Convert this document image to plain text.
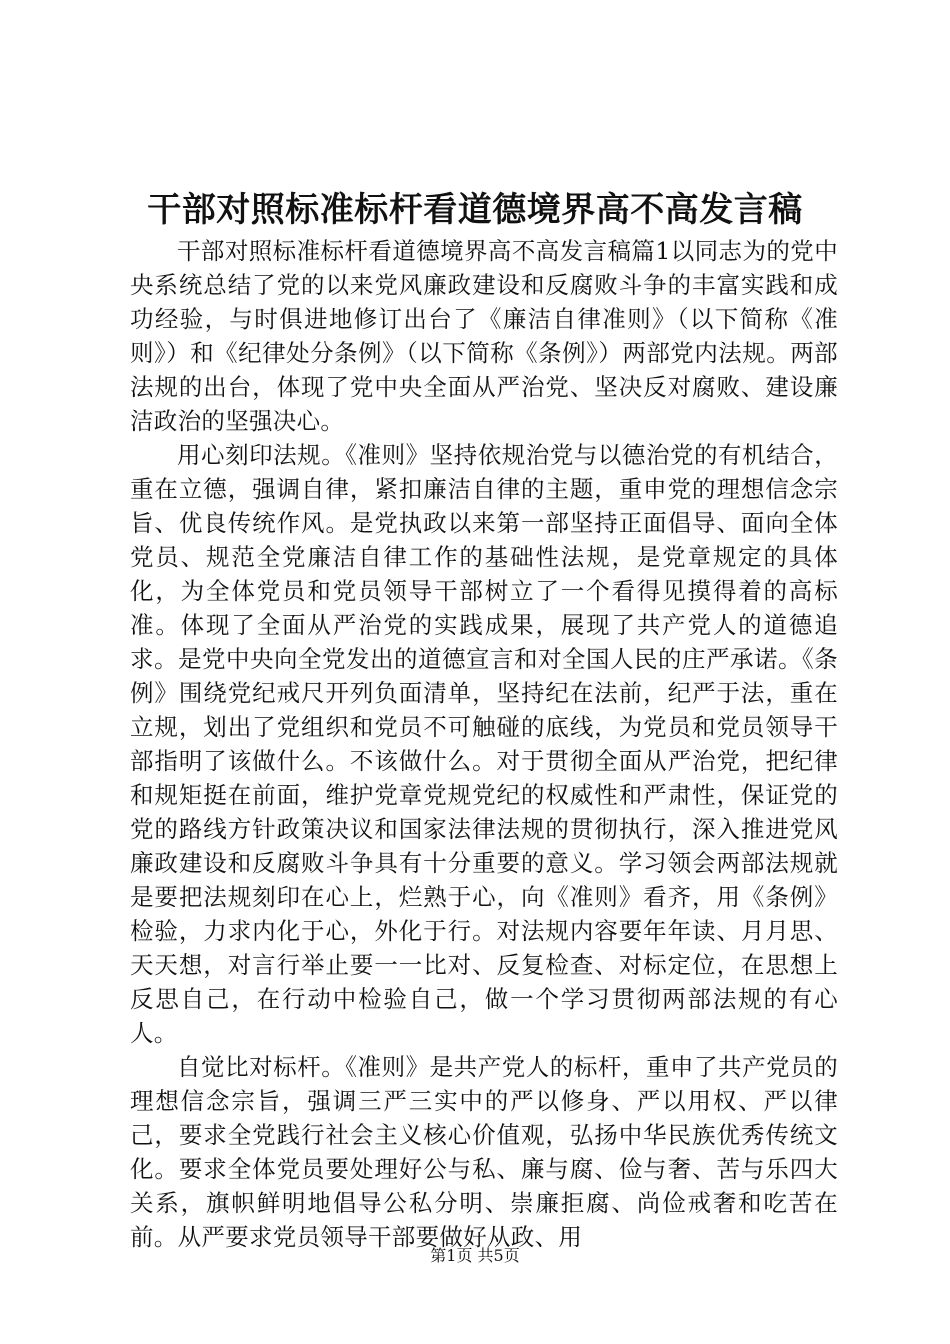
干部对照标准标杆看道德境界高不高发言稿

干部对照标准标杆看道德境界高不高发言稿篇1以同志为的党中央系统总结了党的以来党风廉政建设和反腐败斗争的丰富实践和成功经验，与时俱进地修订出台了《廉洁自律准则》（以下简称《准则》）和《纪律处分条例》（以下简称《条例》）两部党内法规。两部法规的出台，体现了党中央全面从严治党、坚决反对腐败、建设廉洁政治的坚强决心。

用心刻印法规。《准则》坚持依规治党与以德治党的有机结合，重在立德，强调自律，紧扣廉洁自律的主题，重申党的理想信念宗旨、优良传统作风。是党执政以来第一部坚持正面倡导、面向全体党员、规范全党廉洁自律工作的基础性法规，是党章规定的具体化，为全体党员和党员领导干部树立了一个看得见摸得着的高标准。体现了全面从严治党的实践成果，展现了共产党人的道德追求。是党中央向全党发出的道德宣言和对全国人民的庄严承诺。《条例》围绕党纪戒尺开列负面清单，坚持纪在法前，纪严于法，重在立规，划出了党组织和党员不可触碰的底线，为党员和党员领导干部指明了该做什么。不该做什么。对于贯彻全面从严治党，把纪律和规矩挺在前面，维护党章党规党纪的权威性和严肃性，保证党的党的路线方针政策决议和国家法律法规的贯彻执行，深入推进党风廉政建设和反腐败斗争具有十分重要的意义。学习领会两部法规就是要把法规刻印在心上，烂熟于心，向《准则》看齐，用《条例》检验，力求内化于心，外化于行。对法规内容要年年读、月月思、天天想，对言行举止要一一比对、反复检查、对标定位，在思想上反思自己，在行动中检验自己，做一个学习贯彻两部法规的有心人。

自觉比对标杆。《准则》是共产党人的标杆，重申了共产党员的理想信念宗旨，强调三严三实中的严以修身、严以用权、严以律己，要求全党践行社会主义核心价值观，弘扬中华民族优秀传统文化。要求全体党员要处理好公与私、廉与腐、俭与奢、苦与乐四大关系，旗帜鲜明地倡导公私分明、崇廉拒腐、尚俭戒奢和吃苦在前。从严要求党员领导干部要做好从政、用

第1页 共5页
